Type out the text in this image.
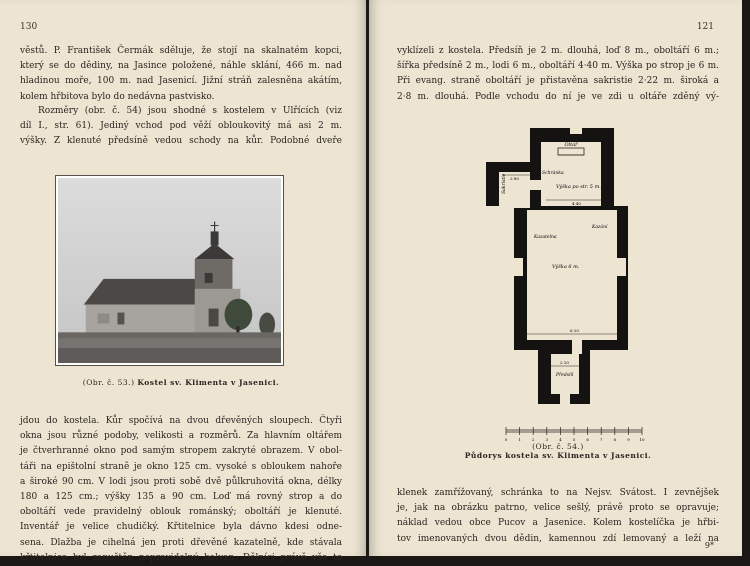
130
věstů. P. František Čermák sděluje, že stojí na skalnatém kopci,
který se do dědiny, na Jasince položené, náhle sklání, 466 m. nad
hladinou moře, 100 m. nad Jasenicí. Jižní stráň zalesněna akátím,
kolem hřbitova bylo do nedávna pastvisko.
Rozměry (obr. č. 54) jsou shodné s kostelem v Ulřících (viz
díl I., str. 61). Jediný vchod pod věží obloukovitý má asi 2 m.
výšky. Z klenuté předsíně vedou schody na kůr. Podobné dveře
(Obr. č. 53.) Kostel sv. Klimenta v Jasenici.
jdou do kostela. Kůr spočívá na dvou dřevěných sloupech. Čtyři
okna jsou různé podoby, velikosti a rozměrů. Za hlavním oltářem
je čtverhranné okno pod samým stropem zakryté obrazem. V obol-
táři na epištolní straně je okno 125 cm. vysoké s obloukem nahoře
a široké 90 cm. V lodi jsou proti sobě dvě půlkruhovitá okna, délky
180 a 125 cm.; výšky 135 a 90 cm. Loď má rovný strop a do
oboltáří vede pravidelný oblouk románský; oboltáří je klenuté.
Inventář je velice chudičký. Křtitelnice byla dávno kdesi odne-
sena. Dlažba je cihelná jen proti dřevěné kazatelně, kde stávala
křtitelnice byl zapuštěn nepravidelný balvan. Dělníci právě vše to
121
vyklízeli z kostela. Předsíň je 2 m. dlouhá, loď 8 m., oboltáří 6 m.;
šířka předsíně 2 m., lodi 6 m., oboltáří 4·40 m. Výška po strop je 6 m.
Při evang. straně oboltáří je přistavěna sakristie 2·22 m. široká a
2·8 m. dlouhá. Podle vchodu do ní je ve zdi u oltáře zděný vý-
(Obr. č. 54.)
Půdorys kostela sv. Klimenta v Jasenici.
klenek zamřížovaný, schránka to na Nejsv. Svátost. I zevnějšek
je, jak na obrázku patrno, velice sešlý, právě proto se opravuje;
náklad vedou obce Pucov a Jasenice. Kolem kostelíčka je hřbi-
tov imenovaných dvou dědin, kamennou zdí lemovaný a leží na
9*
Oltář
Schránka
Sakristie	Výška po str. 5 m.
Kazatelna
Kazání
Výška 6 m.
Předsíň
2·80
4·40
6·20
2·20
0	1	2	3	4	5	6	7	8	9 10
